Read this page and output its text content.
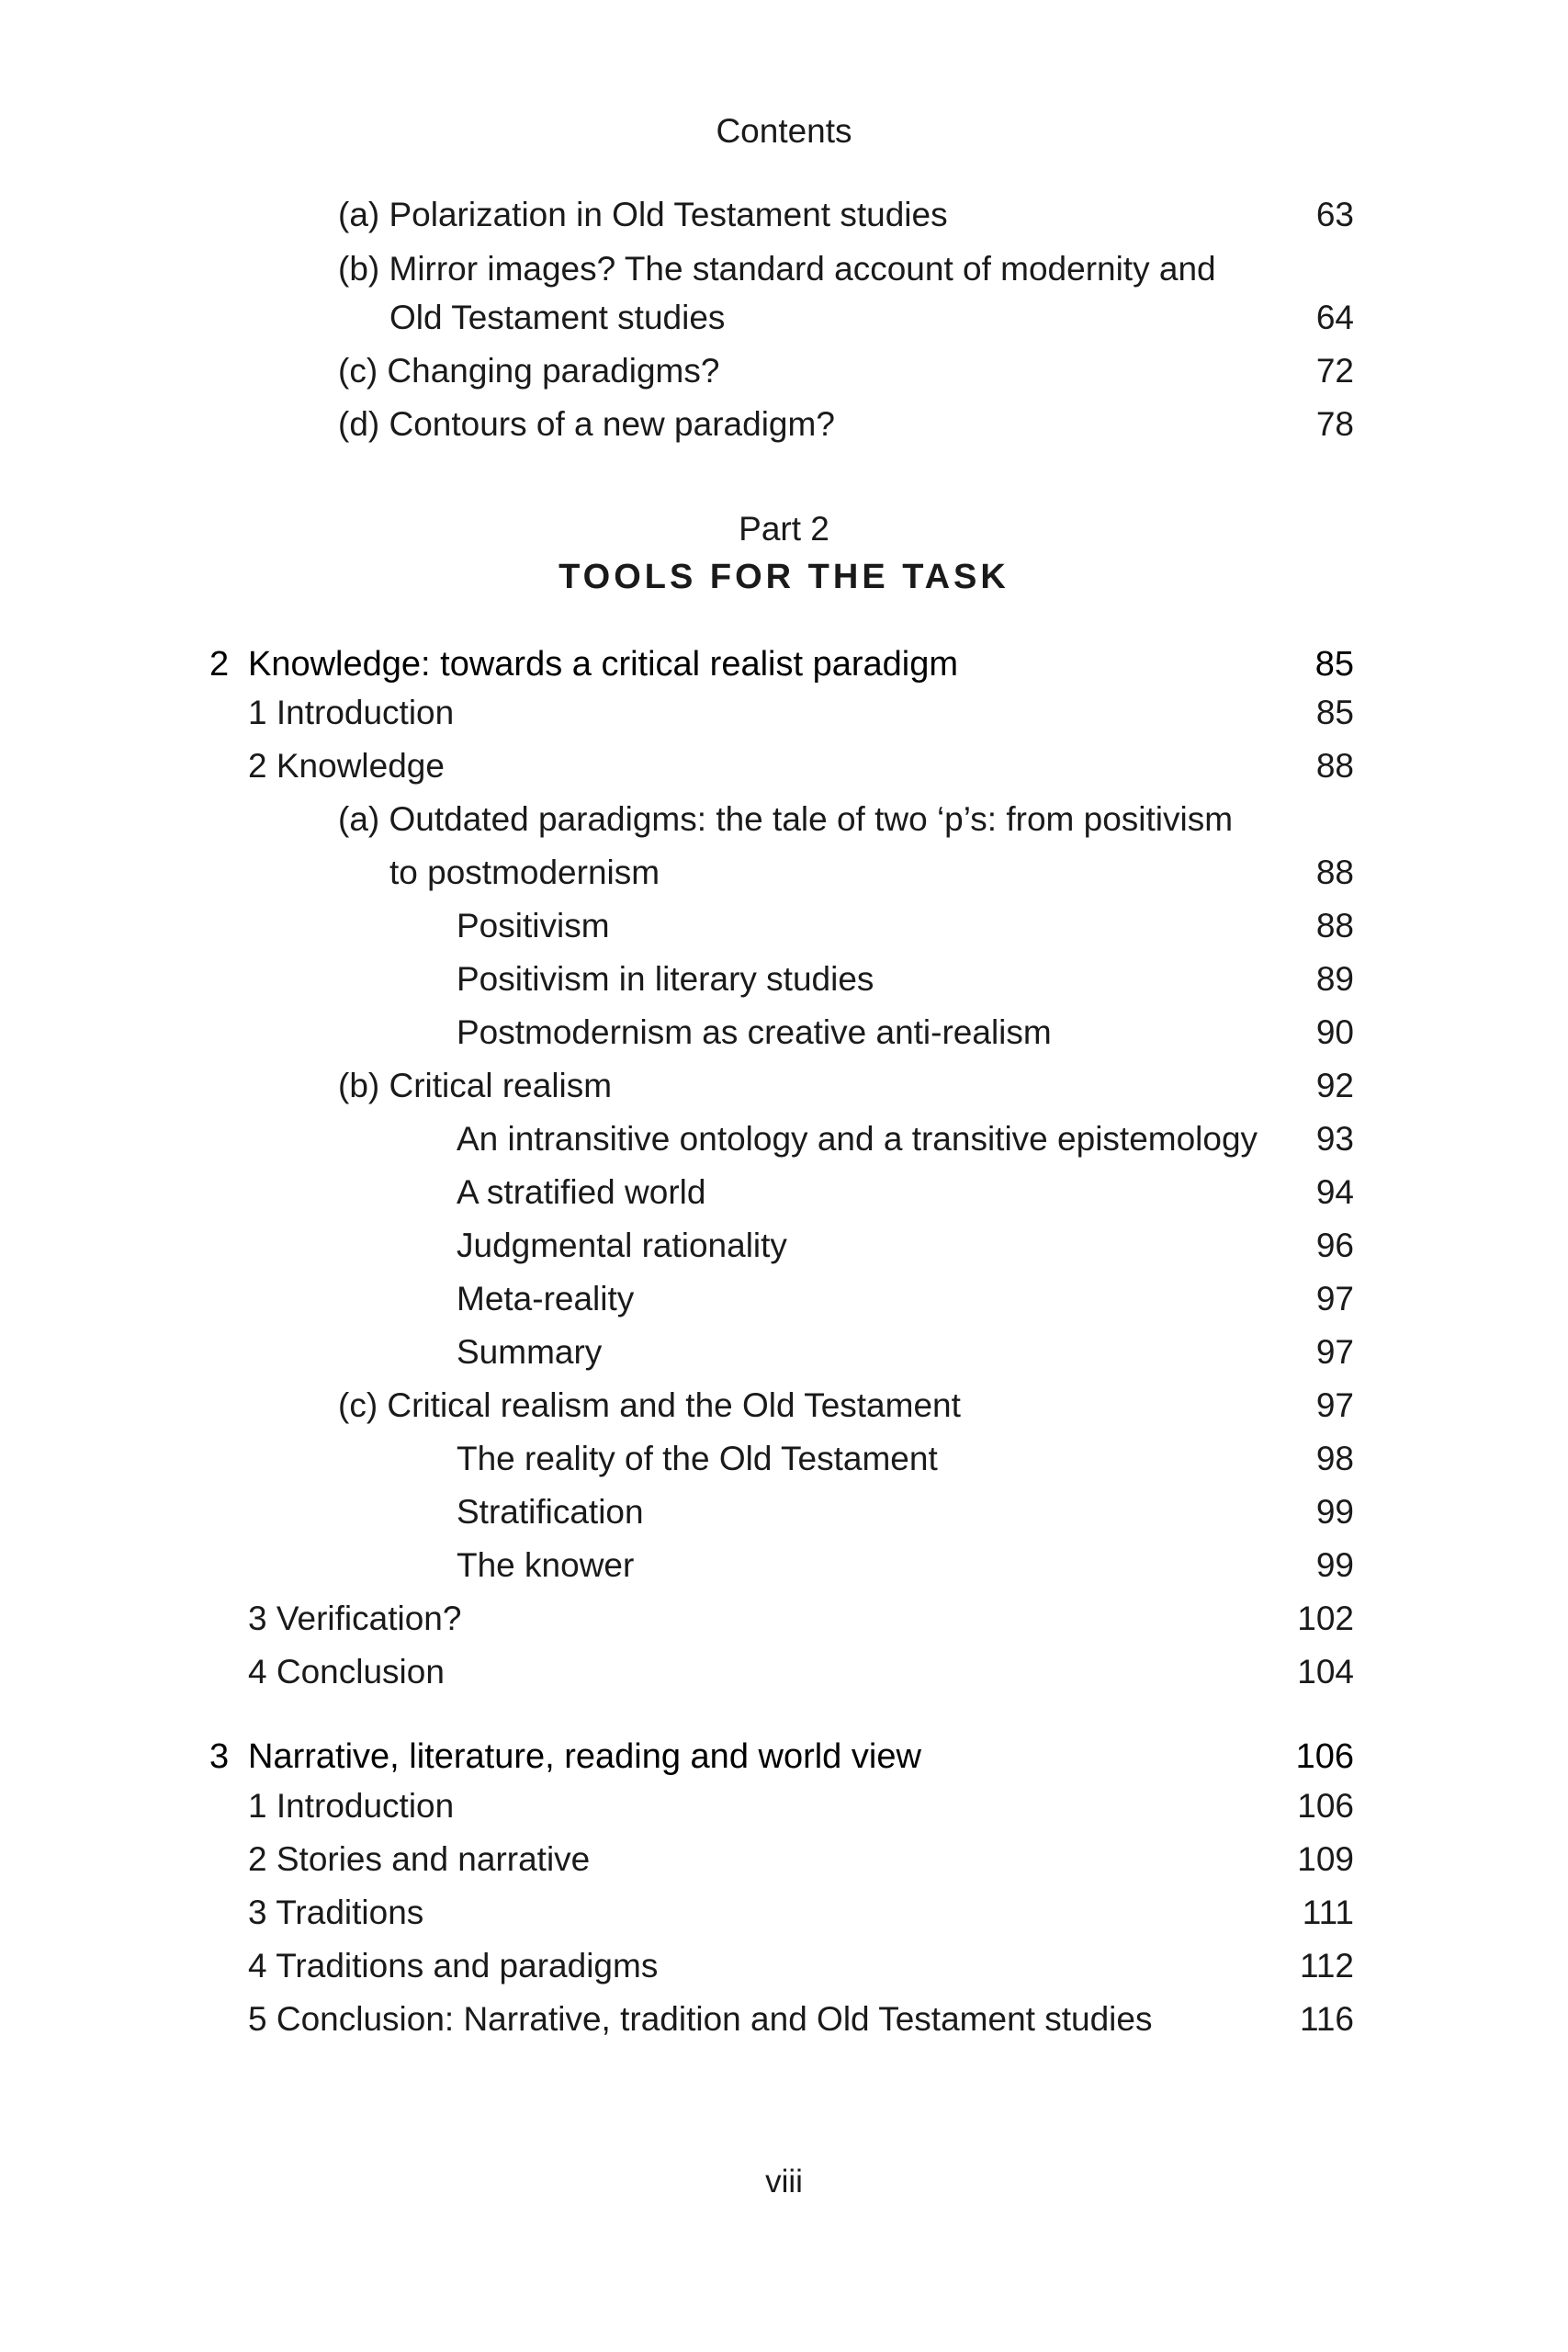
Contents
Part 2
TOOLS FOR THE TASK
(a) Polarization in Old Testament studies	63
(b) Mirror images? The standard account of modernity and
Old Testament studies	64
(c) Changing paradigms?	72
(d) Contours of a new paradigm?	78
2 Knowledge: towards a critical realist paradigm	85
1 Introduction	85
2 Knowledge	88
(a) Outdated paradigms: the tale of two ‘p’s: from positivism
to postmodernism	88
Positivism	88
Positivism in literary studies	89
Postmodernism as creative anti-realism	90
(b) Critical realism	92
An intransitive ontology and a transitive epistemology 93
A stratified world	94
Judgmental rationality	96
Meta-reality	97
Summary	97
(c) Critical realism and the Old Testament	97
The reality of the Old Testament	98
Stratification	99
The knower	99
3 Verification?	102
4 Conclusion	104
3 Narrative, literature, reading and world view	106
1 Introduction	106
2 Stories and narrative	109
3 Traditions	111
4 Traditions and paradigms	112
5 Conclusion: Narrative, tradition and Old Testament studies	116
viii
